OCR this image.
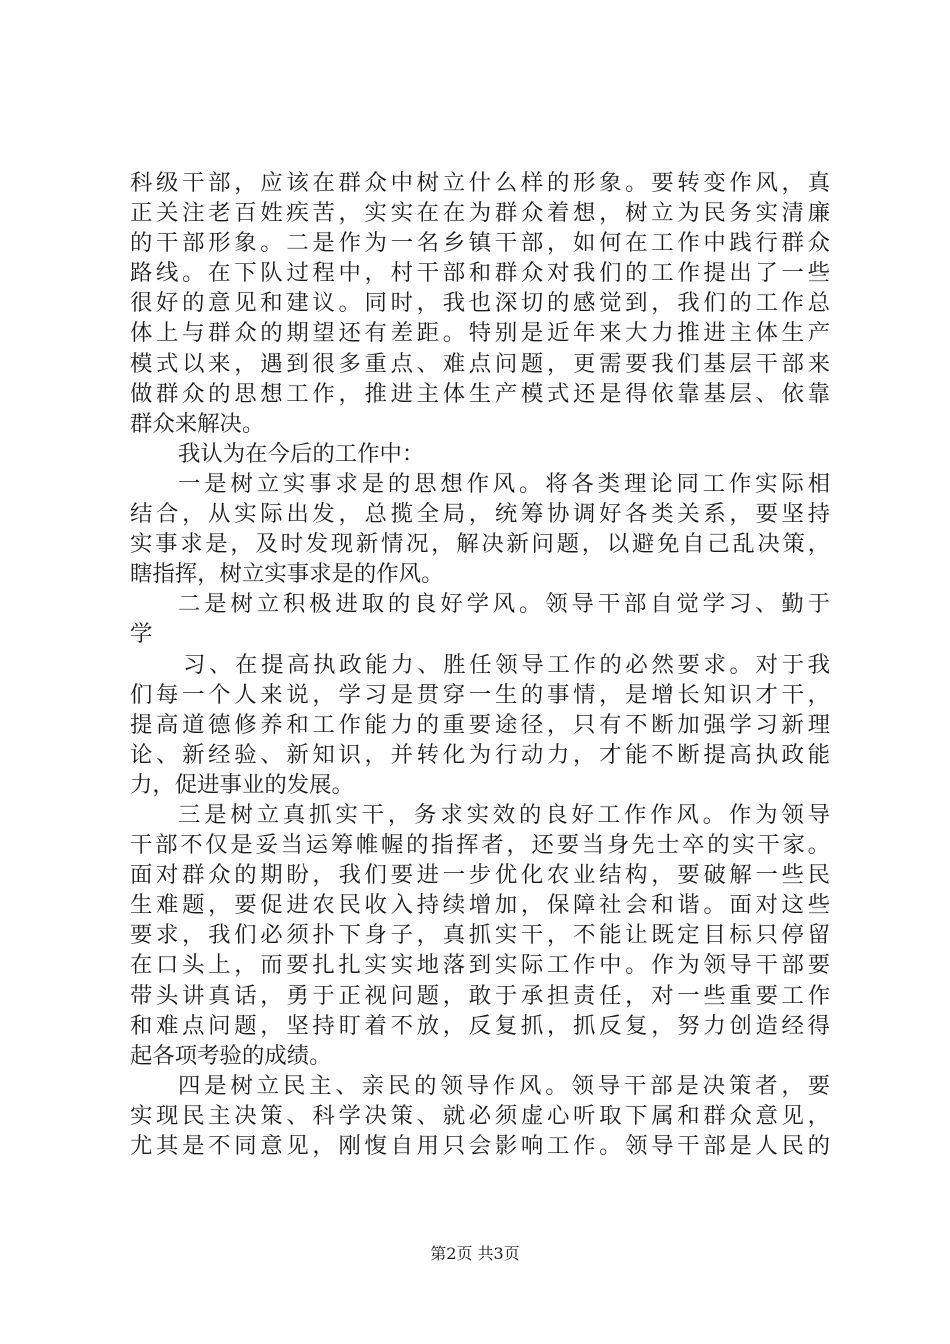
科级干部，应该在群众中树立什么样的形象。要转变作风，真
正关注老百姓疾苦，实实在在为群众着想，树立为民务实清廉
的干部形象。二是作为一名乡镇干部，如何在工作中践行群众
路线。在下队过程中，村干部和群众对我们的工作提出了一些
很好的意见和建议。同时，我也深切的感觉到，我们的工作总
体上与群众的期望还有差距。特别是近年来大力推进主体生产
模式以来，遇到很多重点、难点问题，更需要我们基层干部来
做群众的思想工作，推进主体生产模式还是得依靠基层、依靠
群众来解决。
我认为在今后的工作中：
一是树立实事求是的思想作风。将各类理论同工作实际相
结合，从实际出发，总揽全局，统筹协调好各类关系，要坚持
实事求是，及时发现新情况，解决新问题，以避免自己乱决策，
瞎指挥，树立实事求是的作风。
二是树立积极进取的良好学风。领导干部自觉学习、勤于
学
习、在提高执政能力、胜任领导工作的必然要求。对于我
们每一个人来说，学习是贯穿一生的事情，是增长知识才干，
提高道德修养和工作能力的重要途径，只有不断加强学习新理
论、新经验、新知识，并转化为行动力，才能不断提高执政能
力，促进事业的发展。
三是树立真抓实干，务求实效的良好工作作风。作为领导
干部不仅是妥当运筹帷幄的指挥者，还要当身先士卒的实干家。
面对群众的期盼，我们要进一步优化农业结构，要破解一些民
生难题，要促进农民收入持续增加，保障社会和谐。面对这些
要求，我们必须扑下身子，真抓实干，不能让既定目标只停留
在口头上，而要扎扎实实地落到实际工作中。作为领导干部要
带头讲真话，勇于正视问题，敢于承担责任，对一些重要工作
和难点问题，坚持盯着不放，反复抓，抓反复，努力创造经得
起各项考验的成绩。
四是树立民主、亲民的领导作风。领导干部是决策者，要
实现民主决策、科学决策、就必须虚心听取下属和群众意见，
尤其是不同意见，刚愎自用只会影响工作。领导干部是人民的
第2页 共3页
